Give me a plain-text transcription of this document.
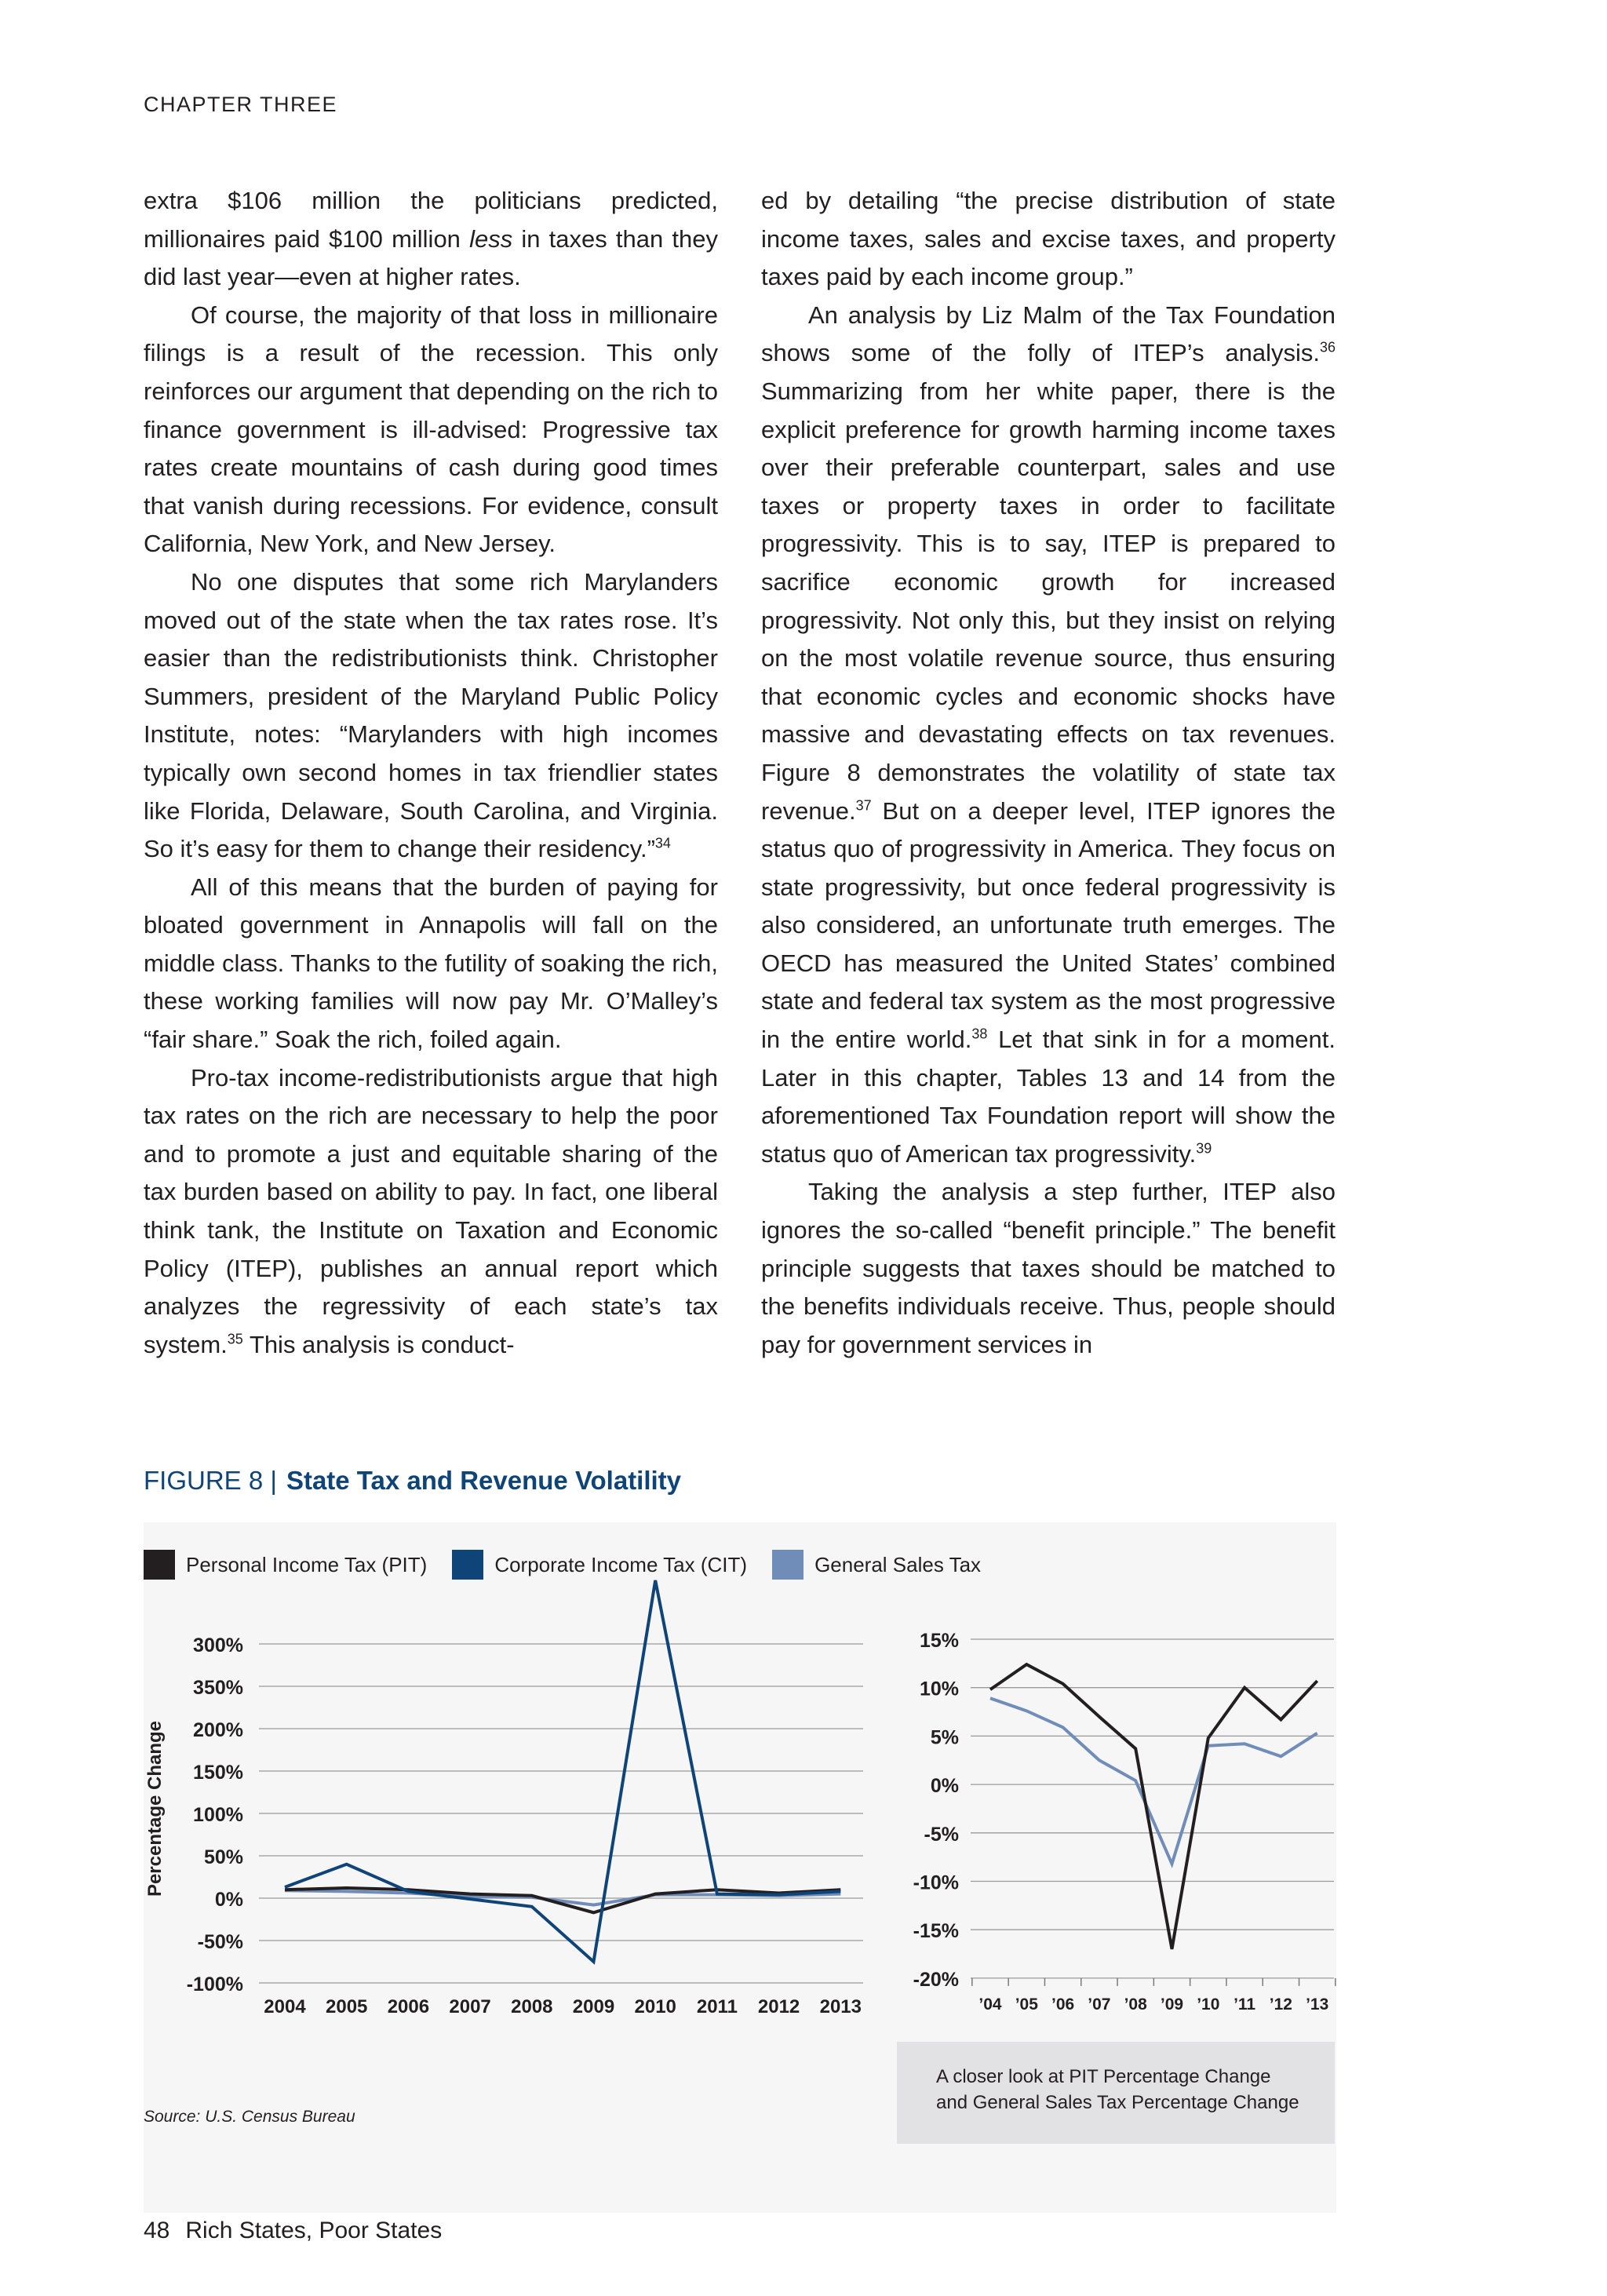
CHAPTER THREE

extra $106 million the politicians predicted, millionaires paid $100 million less in taxes than they did last year—even at higher rates.

Of course, the majority of that loss in millionaire filings is a result of the recession. This only reinforces our argument that depending on the rich to finance government is ill-advised: Progressive tax rates create mountains of cash during good times that vanish during recessions. For evidence, consult California, New York, and New Jersey.

No one disputes that some rich Marylanders moved out of the state when the tax rates rose. It’s easier than the redistributionists think. Christopher Summers, president of the Maryland Public Policy Institute, notes: “Marylanders with high incomes typically own second homes in tax friendlier states like Florida, Delaware, South Carolina, and Virginia. So it’s easy for them to change their residency.”$^{34}$

All of this means that the burden of paying for bloated government in Annapolis will fall on the middle class. Thanks to the futility of soaking the rich, these working families will now pay Mr. O’Malley’s “fair share.” Soak the rich, foiled again.

Pro-tax income-redistributionists argue that high tax rates on the rich are necessary to help the poor and to promote a just and equitable sharing of the tax burden based on ability to pay. In fact, one liberal think tank, the Institute on Taxation and Economic Policy (ITEP), publishes an annual report which analyzes the regressivity of each state’s tax system.$^{35}$ This analysis is conduct-

ed by detailing “the precise distribution of state income taxes, sales and excise taxes, and property taxes paid by each income group.”

An analysis by Liz Malm of the Tax Foundation shows some of the folly of ITEP’s analysis.$^{36}$ Summarizing from her white paper, there is the explicit preference for growth harming income taxes over their preferable counterpart, sales and use taxes or property taxes in order to facilitate progressivity. This is to say, ITEP is prepared to sacrifice economic growth for increased progressivity. Not only this, but they insist on relying on the most volatile revenue source, thus ensuring that economic cycles and economic shocks have massive and devastating effects on tax revenues. Figure 8 demonstrates the volatility of state tax revenue.$^{37}$ But on a deeper level, ITEP ignores the status quo of progressivity in America. They focus on state progressivity, but once federal progressivity is also considered, an unfortunate truth emerges. The OECD has measured the United States’ combined state and federal tax system as the most progressive in the entire world.$^{38}$ Let that sink in for a moment. Later in this chapter, Tables 13 and 14 from the aforementioned Tax Foundation report will show the status quo of American tax progressivity.$^{39}$

Taking the analysis a step further, ITEP also ignores the so-called “benefit principle.” The benefit principle suggests that taxes should be matched to the benefits individuals receive. Thus, people should pay for government services in

FIGURE 8 | State Tax and Revenue Volatility
Personal Income Tax (PIT)	Corporate Income Tax (CIT)	General Sales Tax
300%
350%
200%
150%
100%
50%
0%
-50%
-100%
Percentage Change
2004 2005 2006 2007 2008 2009 2010 2011 2012 2013
15%
10%
5%
0%
-5%
-10%
-15%
-20%
’04 ’05 ’06 ’07 ’08 ’09 ’10 ’11 ’12 ’13
A closer look at PIT Percentage Change
and General Sales Tax Percentage Change
Source: U.S. Census Bureau
48 Rich States, Poor States
